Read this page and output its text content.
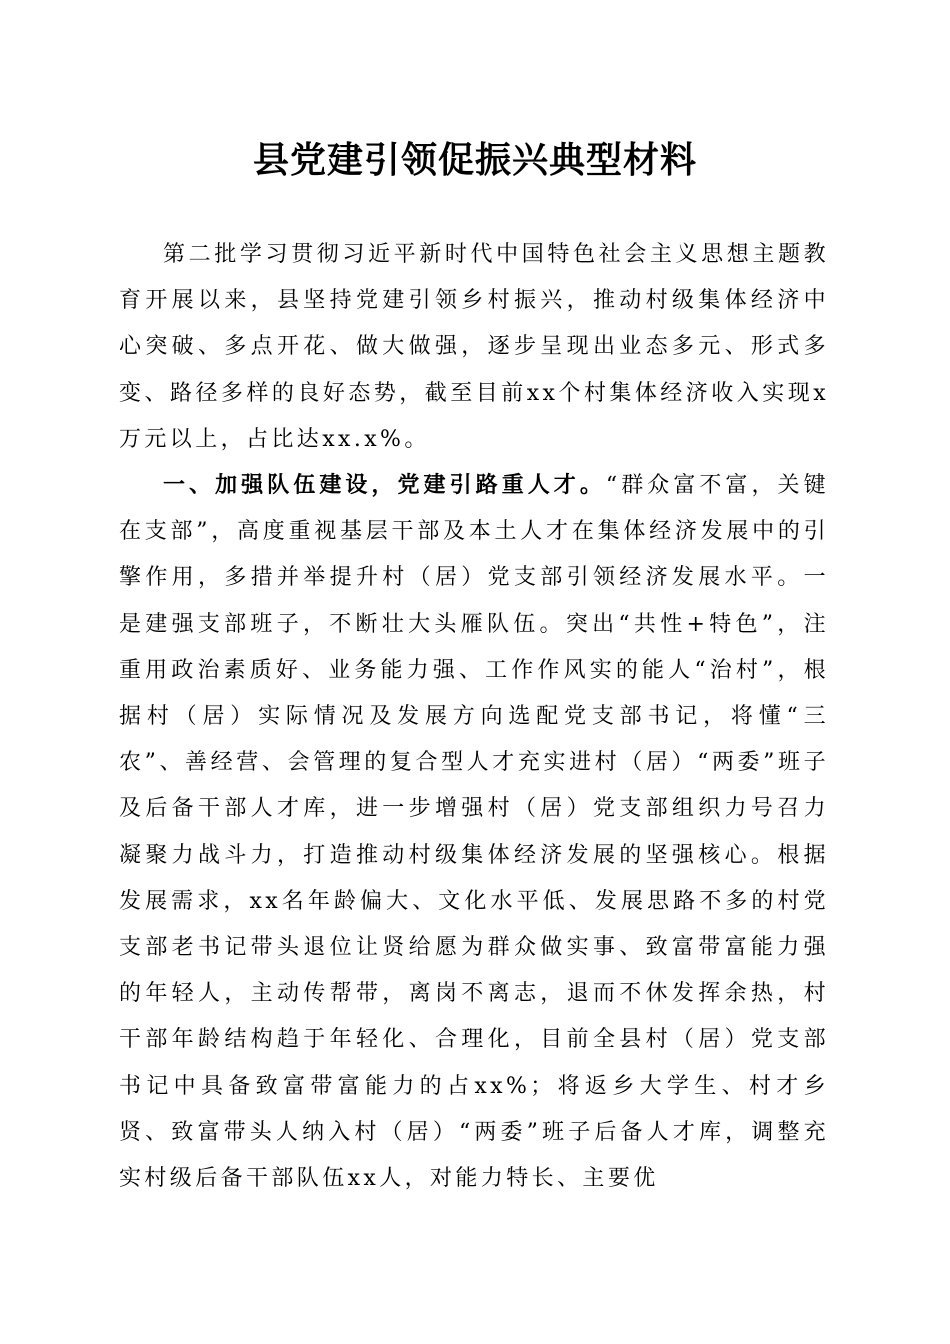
县党建引领促振兴典型材料

第二批学习贯彻习近平新时代中国特色社会主义思想主题教育开展以来，县坚持党建引领乡村振兴，推动村级集体经济中心突破、多点开花、做大做强，逐步呈现出业态多元、形式多变、路径多样的良好态势，截至目前xx个村集体经济收入实现x万元以上，占比达xx.x%。

一、加强队伍建设，党建引路重人才。“群众富不富，关键在支部”，高度重视基层干部及本土人才在集体经济发展中的引擎作用，多措并举提升村（居）党支部引领经济发展水平。一是建强支部班子，不断壮大头雁队伍。突出“共性+特色”，注重用政治素质好、业务能力强、工作作风实的能人“治村”，根据村（居）实际情况及发展方向选配党支部书记，将懂“三农”、善经营、会管理的复合型人才充实进村（居）“两委”班子及后备干部人才库，进一步增强村（居）党支部组织力号召力凝聚力战斗力，打造推动村级集体经济发展的坚强核心。根据发展需求，xx名年龄偏大、文化水平低、发展思路不多的村党支部老书记带头退位让贤给愿为群众做实事、致富带富能力强的年轻人，主动传帮带，离岗不离志，退而不休发挥余热，村干部年龄结构趋于年轻化、合理化，目前全县村（居）党支部书记中具备致富带富能力的占xx%；将返乡大学生、村才乡贤、致富带头人纳入村（居）“两委”班子后备人才库，调整充实村级后备干部队伍xx人，对能力特长、主要优
